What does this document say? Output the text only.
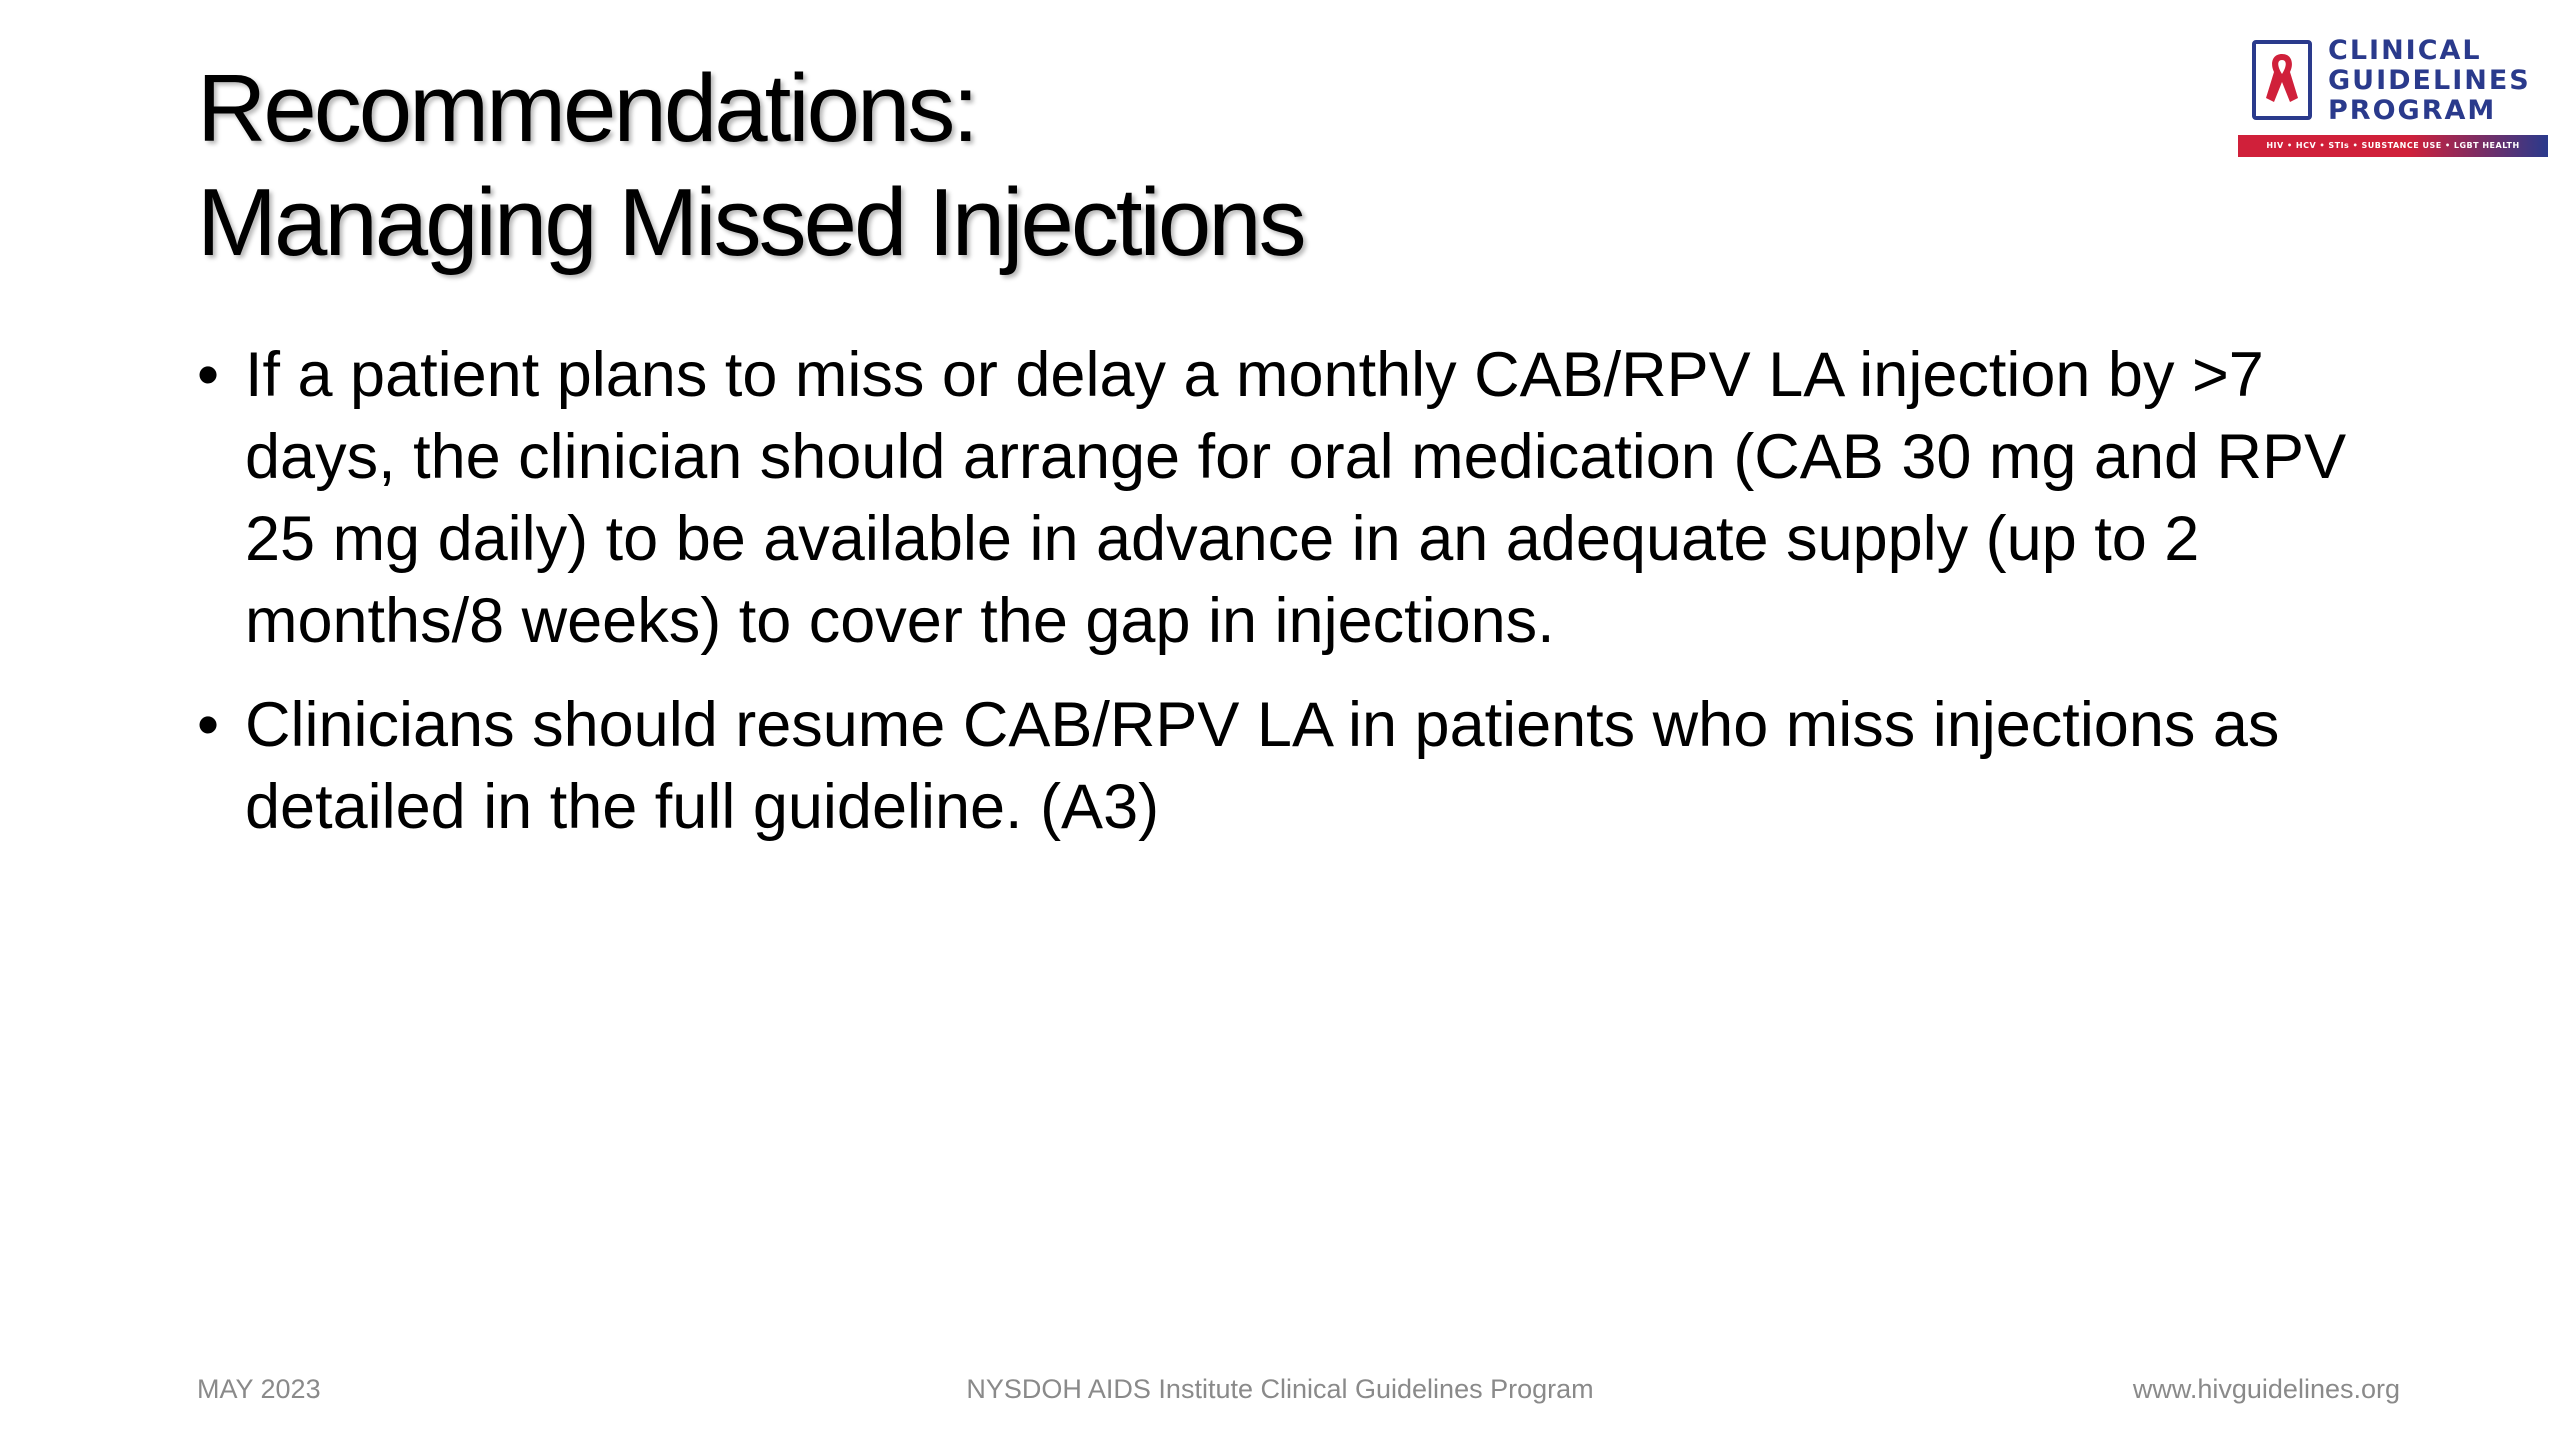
Recommendations:
Managing Missed Injections
CLINICAL
GUIDELINES
PROGRAM
HIV • HCV • STIs • SUBSTANCE USE • LGBT HEALTH
• If a patient plans to miss or delay a monthly CAB/RPV LA injection by >7 days, the clinician should arrange for oral medication (CAB 30 mg and RPV 25 mg daily) to be available in advance in an adequate supply (up to 2 months/8 weeks) to cover the gap in injections.
• Clinicians should resume CAB/RPV LA in patients who miss injections as detailed in the full guideline. (A3)
NYSDOH AIDS Institute Clinical Guidelines Program
MAY 2023	www.hivguidelines.org
